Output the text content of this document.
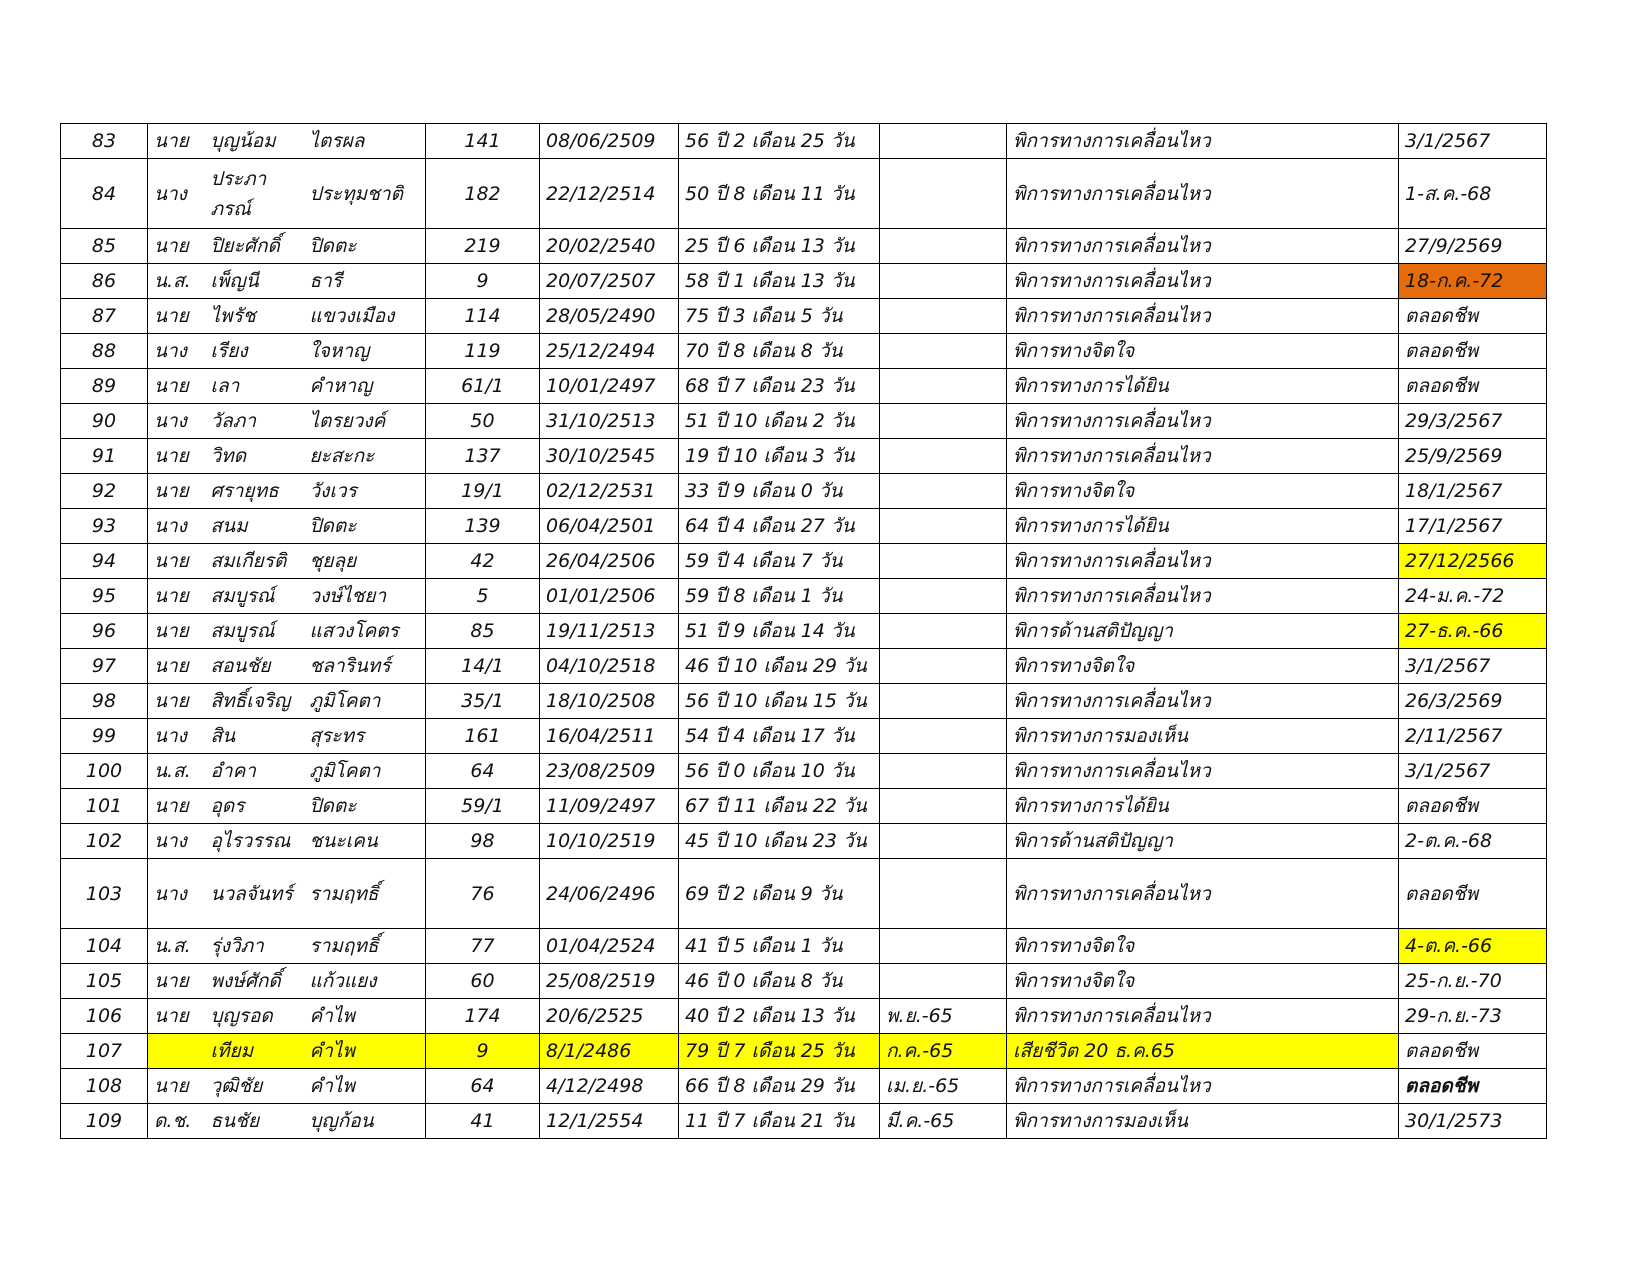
83	นาย	บุญน้อม	ไตรผล	141	08/06/2509	56 ปี 2 เดือน 25 วัน		พิการทางการเคลื่อนไหว	3/1/2567
84	นาง	ประภา
ภรณ์	ประทุมชาติ	182	22/12/2514	50 ปี 8 เดือน 11 วัน		พิการทางการเคลื่อนไหว	1-ส.ค.-68
85	นาย	ปิยะศักดิ์	ปิดตะ	219	20/02/2540	25 ปี 6 เดือน 13 วัน		พิการทางการเคลื่อนไหว	27/9/2569
86	น.ส.	เพ็ญนี	ธารี	9	20/07/2507	58 ปี 1 เดือน 13 วัน		พิการทางการเคลื่อนไหว	18-ก.ค.-72
87	นาย	ไพรัช	แขวงเมือง	114	28/05/2490	75 ปี 3 เดือน 5 วัน		พิการทางการเคลื่อนไหว	ตลอดชีพ
88	นาง	เรียง	ใจหาญ	119	25/12/2494	70 ปี 8 เดือน 8 วัน		พิการทางจิตใจ	ตลอดชีพ
89	นาย	เลา	คำหาญ	61/1	10/01/2497	68 ปี 7 เดือน 23 วัน		พิการทางการได้ยิน	ตลอดชีพ
90	นาง	วัลภา	ไตรยวงค์	50	31/10/2513	51 ปี 10 เดือน 2 วัน		พิการทางการเคลื่อนไหว	29/3/2567
91	นาย	วิทด	ยะสะกะ	137	30/10/2545	19 ปี 10 เดือน 3 วัน		พิการทางการเคลื่อนไหว	25/9/2569
92	นาย	ศรายุทธ	วังเวร	19/1	02/12/2531	33 ปี 9 เดือน 0 วัน		พิการทางจิตใจ	18/1/2567
93	นาง	สนม	ปิดตะ	139	06/04/2501	64 ปี 4 เดือน 27 วัน		พิการทางการได้ยิน	17/1/2567
94	นาย	สมเกียรติ	ชุยลุย	42	26/04/2506	59 ปี 4 เดือน 7 วัน		พิการทางการเคลื่อนไหว	27/12/2566
95	นาย	สมบูรณ์	วงษ์ไชยา	5	01/01/2506	59 ปี 8 เดือน 1 วัน		พิการทางการเคลื่อนไหว	24-ม.ค.-72
96	นาย	สมบูรณ์	แสวงโคตร	85	19/11/2513	51 ปี 9 เดือน 14 วัน		พิการด้านสติปัญญา	27-ธ.ค.-66
97	นาย	สอนชัย	ชลารินทร์	14/1	04/10/2518	46 ปี 10 เดือน 29 วัน		พิการทางจิตใจ	3/1/2567
98	นาย	สิทธิ์เจริญ	ภูมิโคตา	35/1	18/10/2508	56 ปี 10 เดือน 15 วัน		พิการทางการเคลื่อนไหว	26/3/2569
99	นาง	สิน	สุระทร	161	16/04/2511	54 ปี 4 เดือน 17 วัน		พิการทางการมองเห็น	2/11/2567
100	น.ส.	อำคา	ภูมิโคตา	64	23/08/2509	56 ปี 0 เดือน 10 วัน		พิการทางการเคลื่อนไหว	3/1/2567
101	นาย	อุดร	ปิดตะ	59/1	11/09/2497	67 ปี 11 เดือน 22 วัน		พิการทางการได้ยิน	ตลอดชีพ
102	นาง	อุไรวรรณ	ชนะเคน	98	10/10/2519	45 ปี 10 เดือน 23 วัน		พิการด้านสติปัญญา	2-ต.ค.-68
103	นาง	นวลจันทร์	รามฤทธิ์	76	24/06/2496	69 ปี 2 เดือน 9 วัน		พิการทางการเคลื่อนไหว	ตลอดชีพ
104	น.ส.	รุ่งวิภา	รามฤทธิ์	77	01/04/2524	41 ปี 5 เดือน 1 วัน		พิการทางจิตใจ	4-ต.ค.-66
105	นาย	พงษ์ศักดิ์	แก้วแยง	60	25/08/2519	46 ปี 0 เดือน 8 วัน		พิการทางจิตใจ	25-ก.ย.-70
106	นาย	บุญรอด	คำไพ	174	20/6/2525	40 ปี 2 เดือน 13 วัน	พ.ย.-65	พิการทางการเคลื่อนไหว	29-ก.ย.-73
107		เทียม	คำไพ	9	8/1/2486	79 ปี 7 เดือน 25 วัน	ก.ค.-65	เสียชีวิต 20 ธ.ค.65	ตลอดชีพ
108	นาย	วุฒิชัย	คำไพ	64	4/12/2498	66 ปี 8 เดือน 29 วัน	เม.ย.-65	พิการทางการเคลื่อนไหว	ตลอดชีพ
109	ด.ช.	ธนชัย	บุญก้อน	41	12/1/2554	11 ปี 7 เดือน 21 วัน	มี.ค.-65	พิการทางการมองเห็น	30/1/2573
